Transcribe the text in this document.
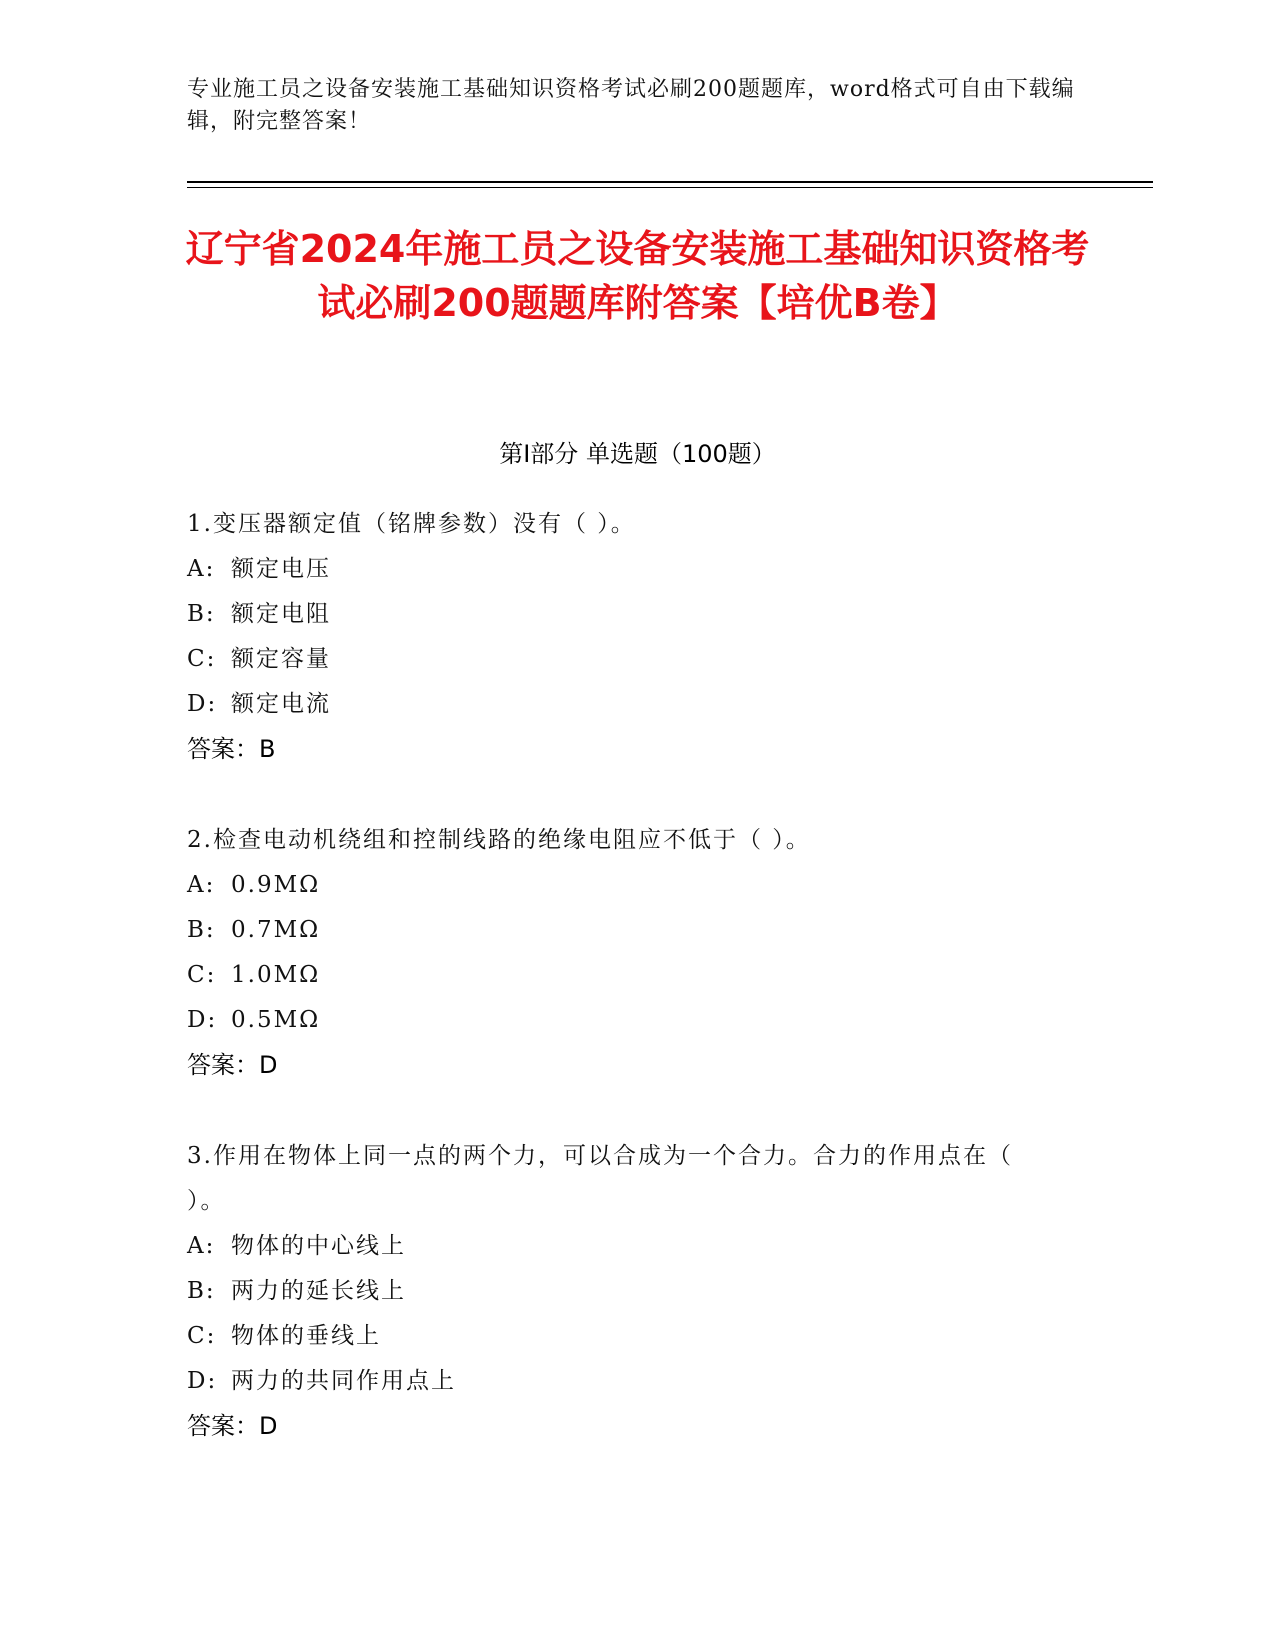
专业施工员之设备安装施工基础知识资格考试必刷200题题库，word格式可自由下载编辑，附完整答案！
辽宁省2024年施工员之设备安装施工基础知识资格考试必刷200题题库附答案【培优B卷】
第Ⅰ部分 单选题（100题）

1.变压器额定值（铭牌参数）没有（ ）。

A: 额定电压

B: 额定电阻

C: 额定容量

D: 额定电流

答案：B

2.检查电动机绕组和控制线路的绝缘电阻应不低于（ ）。

A: 0.9MΩ

B: 0.7MΩ

C: 1.0MΩ

D: 0.5MΩ

答案：D

3.作用在物体上同一点的两个力，可以合成为一个合力。合力的作用点在（ ）。

A: 物体的中心线上

B: 两力的延长线上

C: 物体的垂线上

D: 两力的共同作用点上

答案：D
